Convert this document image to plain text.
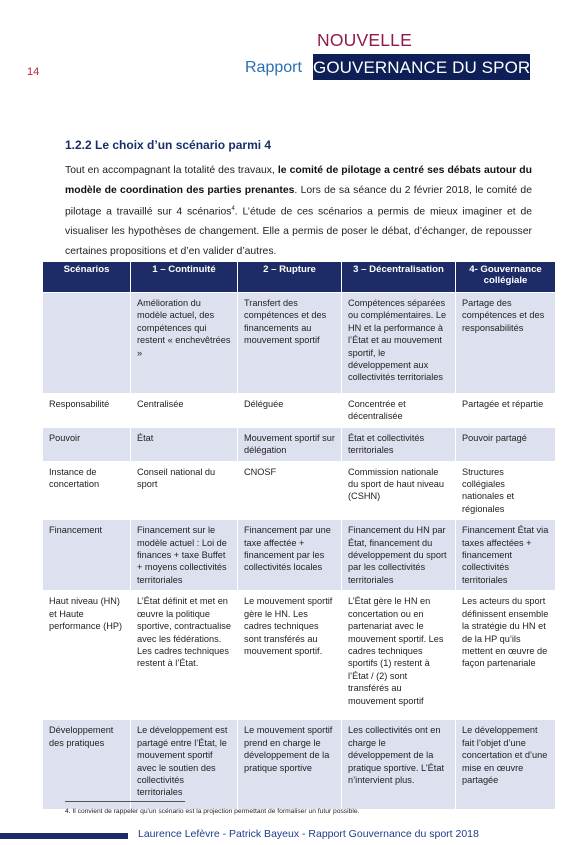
14	Rapport
NOUVELLE
GOUVERNANCE DU SPORT
1.2.2 Le choix d’un scénario parmi 4
Tout en accompagnant la totalité des travaux, le comité de pilotage a centré ses débats autour du modèle de coordination des parties prenantes. Lors de sa séance du 2 février 2018, le comité de pilotage a travaillé sur 4 scénarios$^4$. L’étude de ces scénarios a permis de mieux imaginer et de visualiser les hypothèses de changement. Elle a permis de poser le débat, d’échanger, de repousser certaines propositions et d’en valider d’autres.
Scénarios	1 – Continuité	2 – Rupture	3 – Décentralisation	4- Gouvernance collégiale
	Amélioration du modèle actuel, des compétences qui restent « enchevêtrées »	Transfert des compétences et des financements au mouvement sportif	Compétences séparées ou complémentaires. Le HN et la performance à l’État et au mouvement sportif, le développement aux collectivités territoriales	Partage des compétences et des responsabilités
Responsabilité	Centralisée	Déléguée	Concentrée et décentralisée	Partagée et répartie
Pouvoir	État	Mouvement sportif sur délégation	État et collectivités territoriales	Pouvoir partagé
Instance de concertation	Conseil national du sport	CNOSF	Commission nationale du sport de haut niveau (CSHN)	Structures collégiales nationales et régionales
Financement	Financement sur le modèle actuel : Loi de finances + taxe Buffet + moyens collectivités territoriales	Financement par une taxe affectée + financement par les collectivités locales	Financement du HN par État, financement du développement du sport par les collectivités territoriales	Financement État via taxes affectées + financement collectivités territoriales
Haut niveau (HN) et Haute performance (HP)	L’État définit et met en œuvre la politique sportive, contractualise avec les fédérations. Les cadres techniques restent à l’État.	Le mouvement sportif gère le HN. Les cadres techniques sont transférés au mouvement sportif.	L’État gère le HN en concertation ou en partenariat avec le mouvement sportif. Les cadres techniques sportifs (1) restent à l’État / (2) sont transférés au mouvement sportif	Les acteurs du sport définissent ensemble la stratégie du HN et de la HP qu’ils mettent en œuvre de façon partenariale
Développement des pratiques	Le développement est partagé entre l’État, le mouvement sportif avec le soutien des collectivités territoriales	Le mouvement sportif prend en charge le développement de la pratique sportive	Les collectivités ont en charge le développement de la pratique sportive. L’État n’intervient plus.	Le développement fait l’objet d’une concertation et d’une mise en œuvre partagée
4. Il convient de rappeler qu’un scénario est la projection permettant de formaliser un futur possible.
Laurence Lefèvre - Patrick Bayeux - Rapport Gouvernance du sport 2018
